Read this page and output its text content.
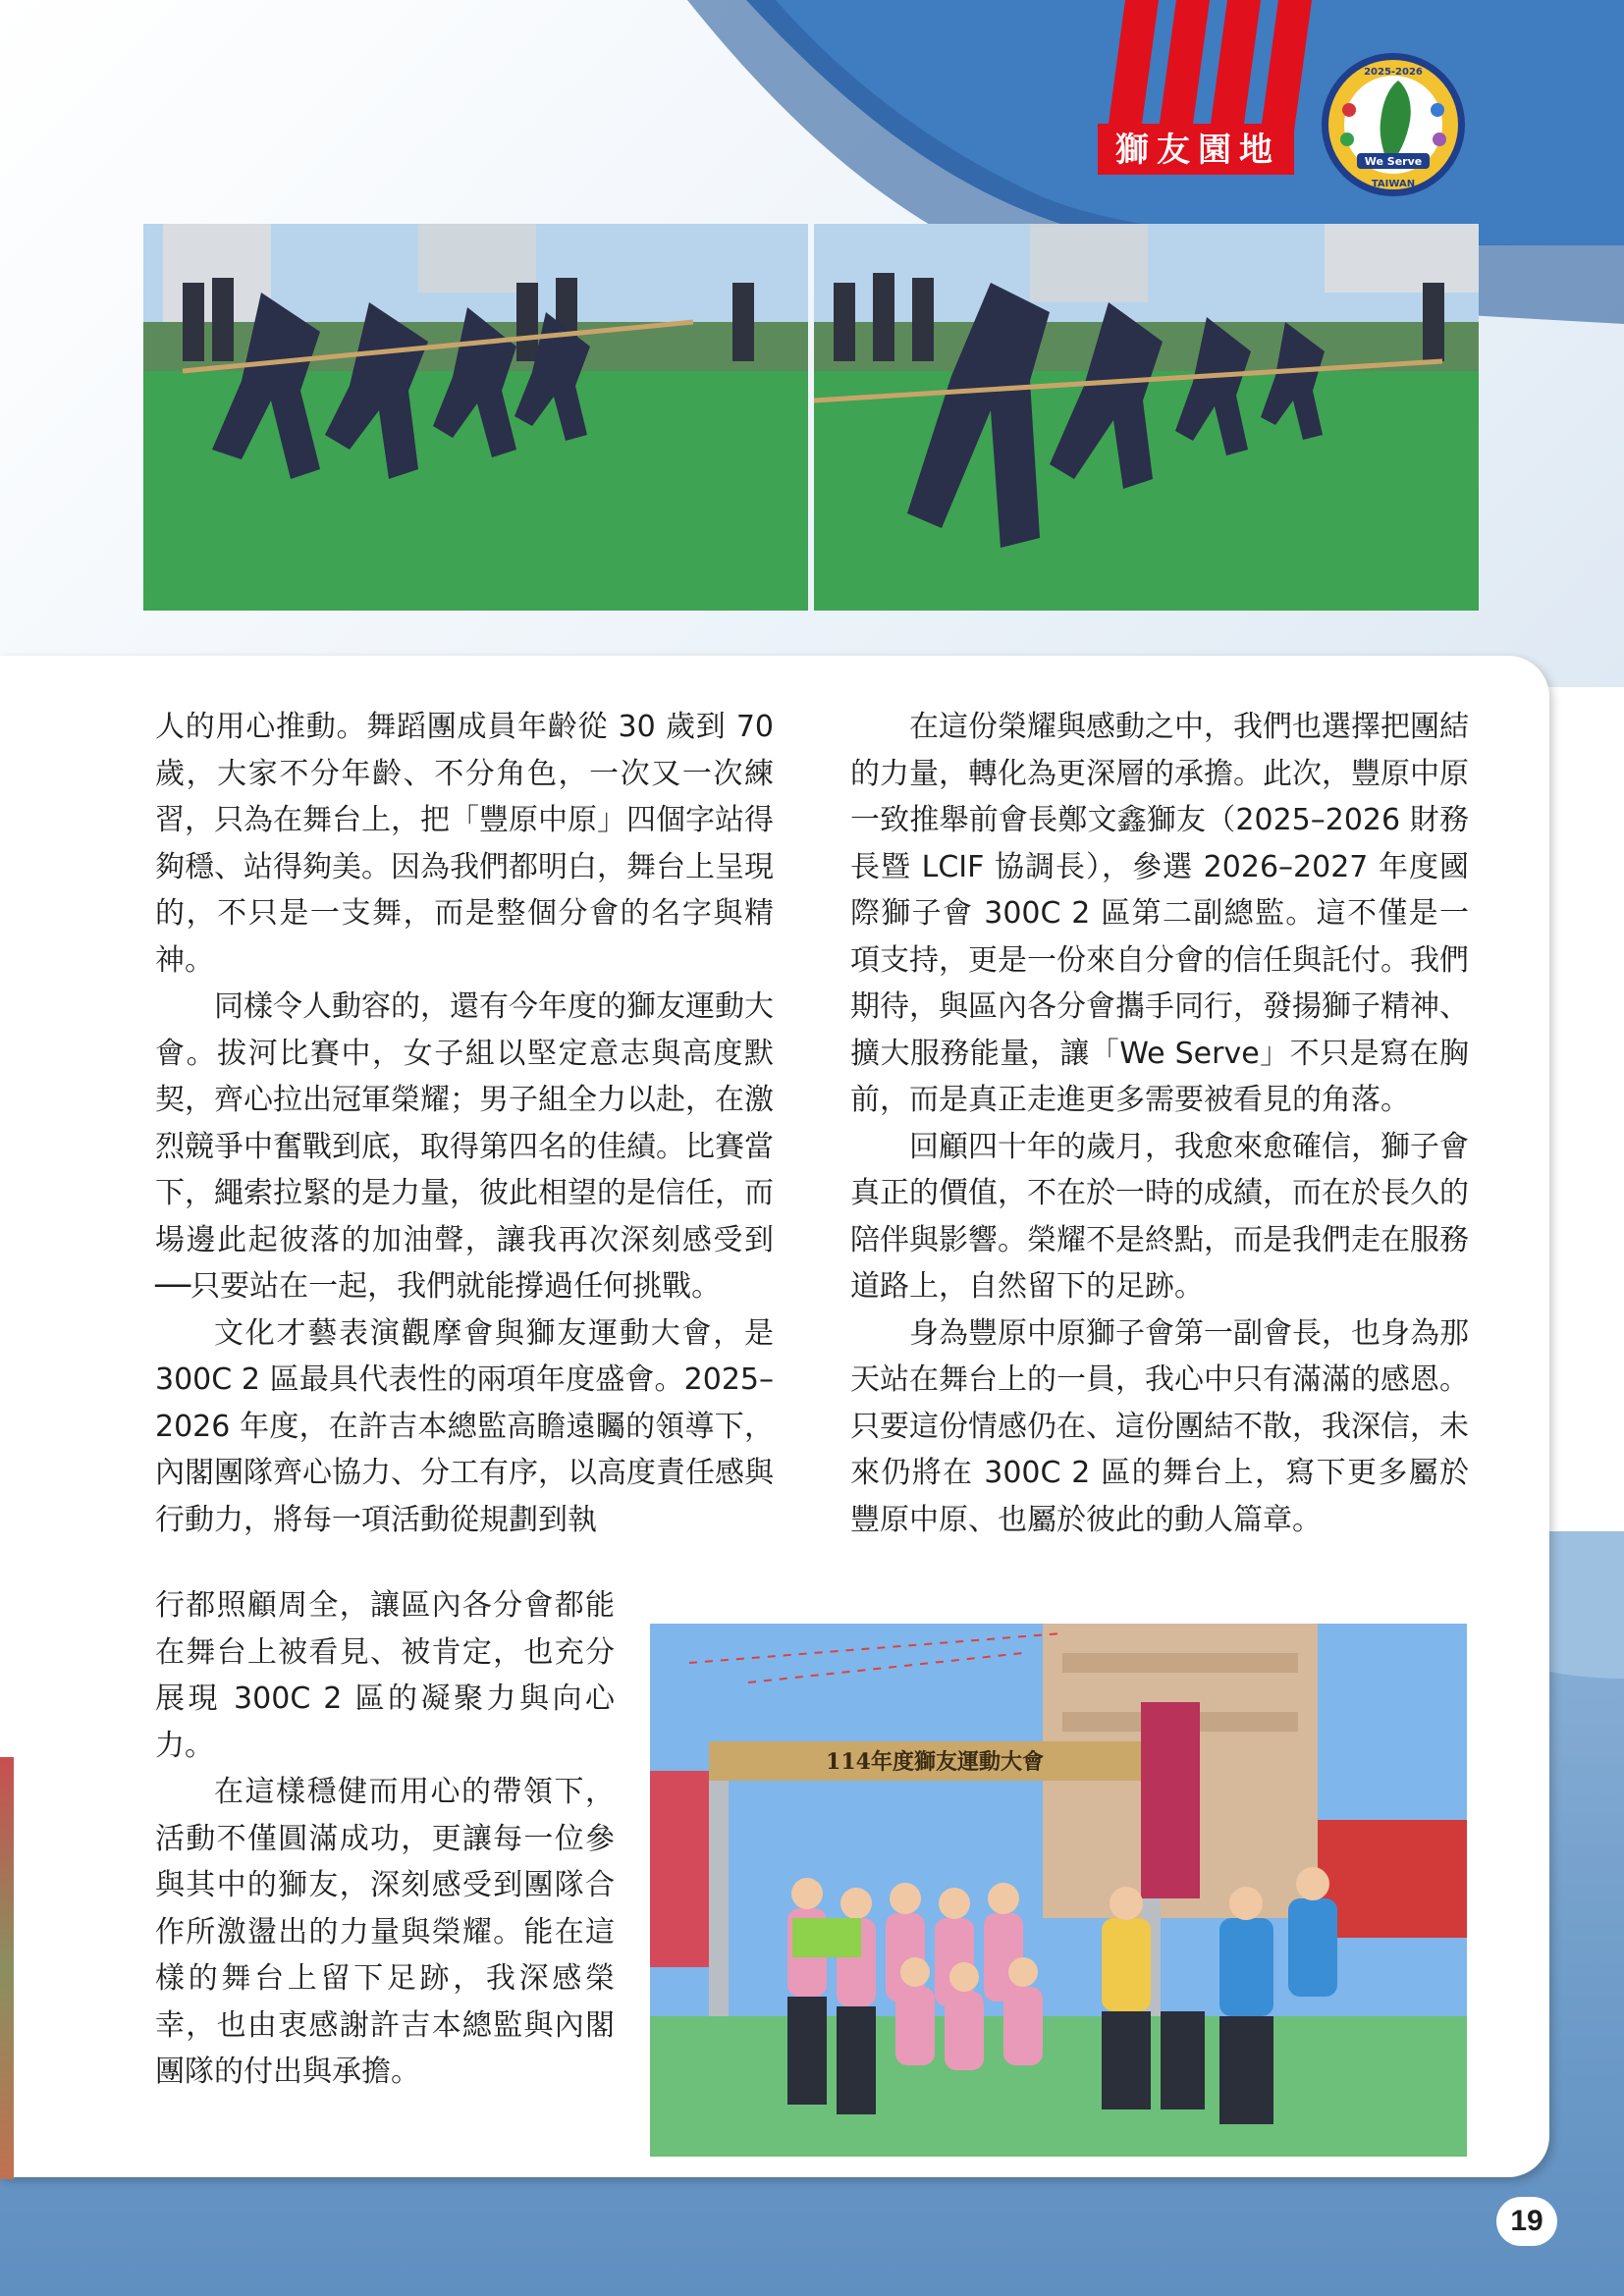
獅友園地	We Serve
2025-2026
TAIWAN

人的用心推動。舞蹈團成員年齡從 30 歲到 70 歲，大家不分年齡、不分角色，一次又一次練習，只為在舞台上，把「豐原中原」四個字站得夠穩、站得夠美。因為我們都明白，舞台上呈現的，不只是一支舞，而是整個分會的名字與精神。

同樣令人動容的，還有今年度的獅友運動大會。拔河比賽中，女子組以堅定意志與高度默契，齊心拉出冠軍榮耀；男子組全力以赴，在激烈競爭中奮戰到底，取得第四名的佳績。比賽當下，繩索拉緊的是力量，彼此相望的是信任，而場邊此起彼落的加油聲，讓我再次深刻感受到──只要站在一起，我們就能撐過任何挑戰。

文化才藝表演觀摩會與獅友運動大會，是 300C 2 區最具代表性的兩項年度盛會。2025–2026 年度，在許吉本總監高瞻遠矚的領導下，內閣團隊齊心協力、分工有序，以高度責任感與行動力，將每一項活動從規劃到執

行都照顧周全，讓區內各分會都能在舞台上被看見、被肯定，也充分展現 300C 2 區的凝聚力與向心力。

在這樣穩健而用心的帶領下，活動不僅圓滿成功，更讓每一位參與其中的獅友，深刻感受到團隊合作所激盪出的力量與榮耀。能在這樣的舞台上留下足跡，我深感榮幸，也由衷感謝許吉本總監與內閣團隊的付出與承擔。

在這份榮耀與感動之中，我們也選擇把團結的力量，轉化為更深層的承擔。此次，豐原中原一致推舉前會長鄭文鑫獅友（2025–2026 財務長暨 LCIF 協調長），參選 2026–2027 年度國際獅子會 300C 2 區第二副總監。這不僅是一項支持，更是一份來自分會的信任與託付。我們期待，與區內各分會攜手同行，發揚獅子精神、擴大服務能量，讓「We Serve」不只是寫在胸前，而是真正走進更多需要被看見的角落。

回顧四十年的歲月，我愈來愈確信，獅子會真正的價值，不在於一時的成績，而在於長久的陪伴與影響。榮耀不是終點，而是我們走在服務道路上，自然留下的足跡。

身為豐原中原獅子會第一副會長，也身為那天站在舞台上的一員，我心中只有滿滿的感恩。只要這份情感仍在、這份團結不散，我深信，未來仍將在 300C 2 區的舞台上，寫下更多屬於豐原中原、也屬於彼此的動人篇章。

114年度獅友運動大會
19
